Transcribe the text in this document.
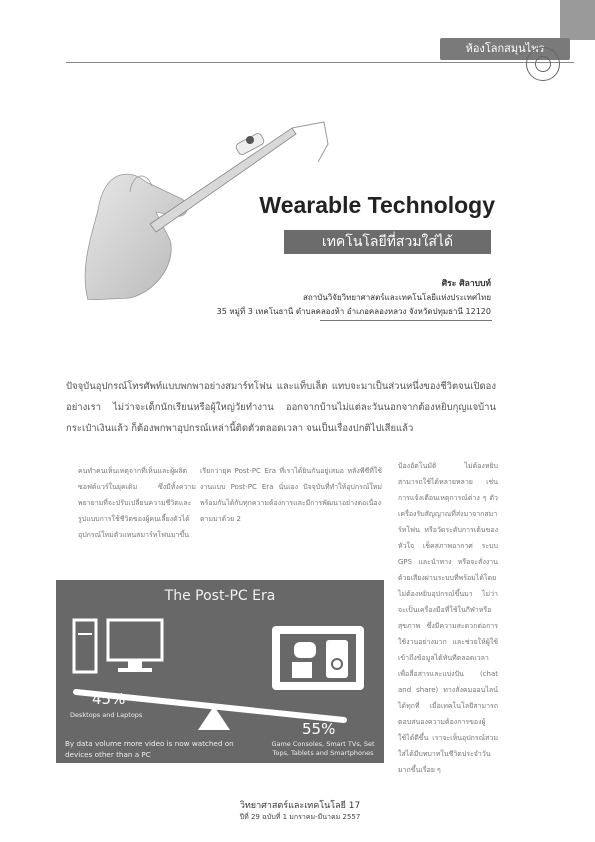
ห้องโลกสมุนไพร
Wearable Technology
เทคโนโลยีที่สวมใส่ได้
ศิระ ศิลาบบท์
สถาบันวิจัยวิทยาศาสตร์และเทคโนโลยีแห่งประเทศไทย
35 หมู่ที่ 3 เทคโนธานี ตำบลคลองห้า อำเภอคลองหลวง จังหวัดปทุมธานี 12120
ปัจจุบันอุปกรณ์โทรศัพท์แบบพกพาอย่างสมาร์ทโฟน และแท็บเล็ต แทบจะมาเป็นส่วนหนึ่งของชีวิตจนเปิดองอย่างเรา ไม่ว่าจะเด็กนักเรียนหรือผู้ใหญ่วัยทำงาน ออกจากบ้านไม่แต่ละวันนอกจากต้องหยิบกุญแจบ้าน กระเป๋าเงินแล้ว ก็ต้องพกพาอุปกรณ์เหล่านี้ติดตัวตลอดเวลา จนเป็นเรื่องปกติไปเสียแล้ว
คนทำคนเห็นเหตุจากที่เห็นและผู้ผลิตซอฟต์แวร์ในยุคเดิม ซึ่งมีทั้งความพยายามที่จะปรับเปลี่ยนความชีวิตและรูปแบบการใช้ชีวิตของผู้คนเลี้ยงตัวได้ อุปกรณ์ใหม่ตัวแทนสมาร์ทโฟนมาขึ้น
เรียกว่ายุค Post-PC Era ที่เราได้ยินกันอยู่เสมอ หลังพีซีที่ใช้งานแบบ Post-PC Era นั่นเอง ปัจจุบันที่ทำให้อุปกรณ์ใหม่พร้อมกันได้กับทุกความต้องการและมีการพัฒนาอย่างต่อเนื่อง ตามมาด้วย 2
ป้องอัตโนมัติ ไม่ต้องหยิบ สามารถใช้ได้หลายหลาย เช่น การแจ้งเตือนเหตุการณ์ต่าง ๆ ตัวเครื่องรับสัญญาณที่ส่งมาจากสมาร์ทโฟน หรือวัดระดับการเต้นของหัวใจ เช็คสภาพอากาศ ระบบ GPS และนำทาง หรือจะสั่งงานด้วยเสียงผ่านระบบที่พร้อมได้โดยไม่ต้องหยิบอุปกรณ์ขึ้นมา ไม่ว่าจะเป็นเครื่องมือที่ใช้ในกีฬาหรือสุขภาพ ซึ่งมีความสะดวกต่อการใช้งานอย่างมาก และช่วยให้ผู้ใช้เข้าถึงข้อมูลได้ทันทีตลอดเวลา เพื่อสื่อสารและแบ่งปัน (chat and share) ทางสังคมออนไลน์ได้ทุกที่ เมื่อเทคโนโลยีสามารถตอบสนองความต้องการของผู้ใช้ได้ดีขึ้น เราจะเห็นอุปกรณ์สวมใส่ได้มีบทบาทในชีวิตประจำวันมากขึ้นเรื่อย ๆ
The Post-PC Era
45%
Desktops and Laptops
55%
Game Consoles, Smart TVs, Set Tops, Tablets and Smartphones
By data volume more video is now watched on devices other than a PC
วิทยาศาสตร์และเทคโนโลยี 17
ปีที่ 29 ฉบับที่ 1 มกราคม-มีนาคม 2557
